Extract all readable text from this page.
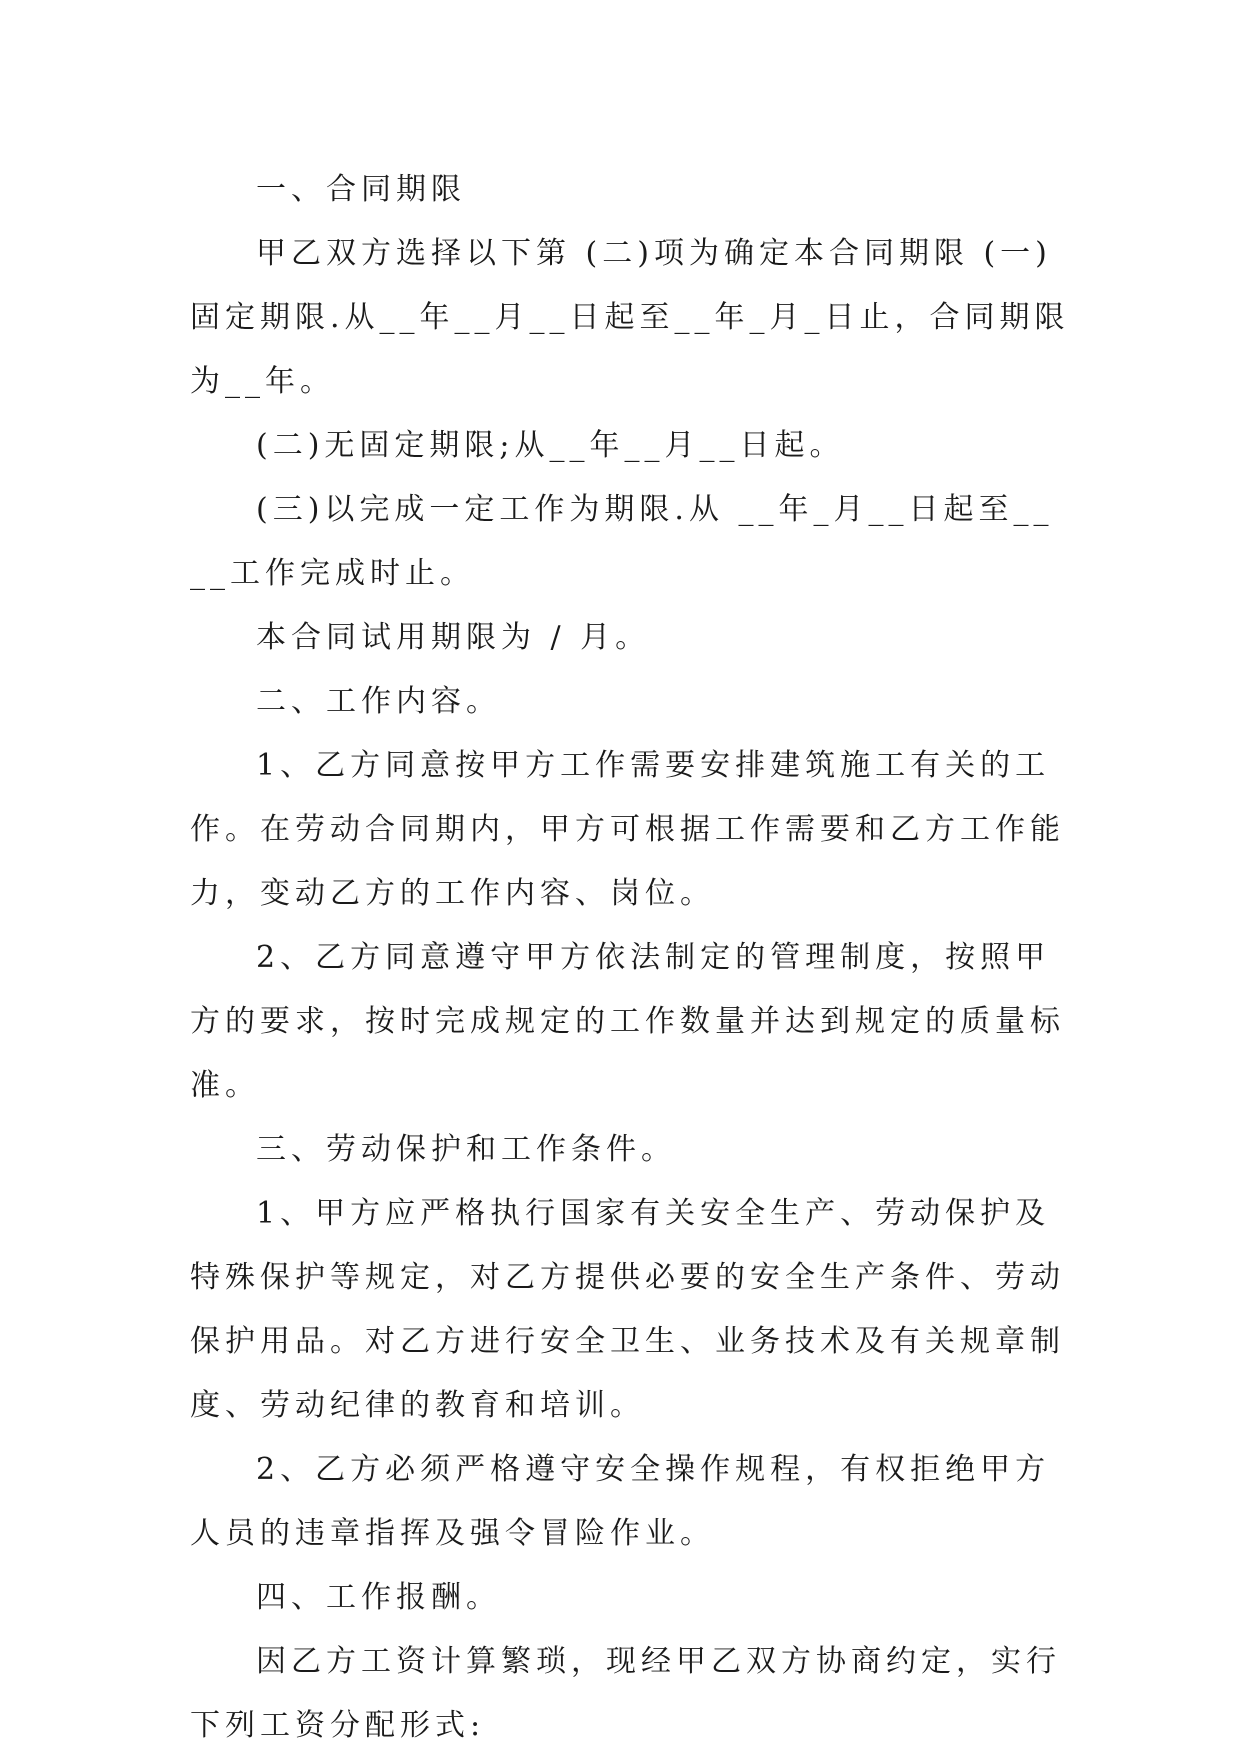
一、合同期限

甲乙双方选择以下第 (二)项为确定本合同期限 (一)固定期限.从__年__月__日起至__年_月_日止，合同期限为__年。

(二)无固定期限;从__年__月__日起。

(三)以完成一定工作为期限.从 __年_月__日起至____工作完成时止。

本合同试用期限为 / 月。

二、工作内容。

1、乙方同意按甲方工作需要安排建筑施工有关的工作。在劳动合同期内，甲方可根据工作需要和乙方工作能力，变动乙方的工作内容、岗位。

2、乙方同意遵守甲方依法制定的管理制度，按照甲方的要求，按时完成规定的工作数量并达到规定的质量标准。

三、劳动保护和工作条件。

1、甲方应严格执行国家有关安全生产、劳动保护及特殊保护等规定，对乙方提供必要的安全生产条件、劳动保护用品。对乙方进行安全卫生、业务技术及有关规章制度、劳动纪律的教育和培训。

2、乙方必须严格遵守安全操作规程，有权拒绝甲方人员的违章指挥及强令冒险作业。

四、工作报酬。

因乙方工资计算繁琐，现经甲乙双方协商约定，实行下列工资分配形式:
